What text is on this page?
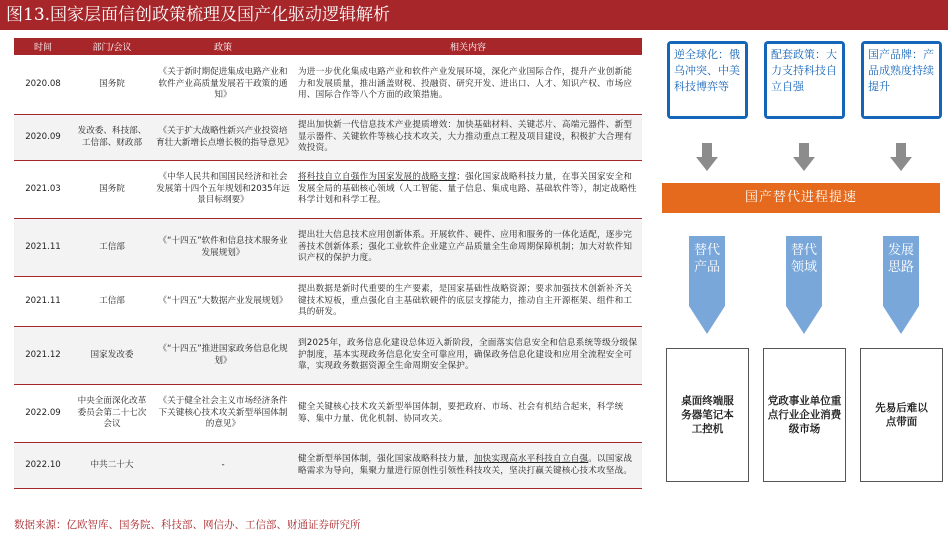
图13.国家层面信创政策梳理及国产化驱动逻辑解析
时间	部门/会议	政策	相关内容
2020.08	国务院	《关于新时期促进集成电路产业和软件产业高质量发展若干政策的通知》	为进一步优化集成电路产业和软件产业发展环境，深化产业国际合作，提升产业创新能力和发展质量，推出涵盖财税、投融资、研究开发、进出口、人才、知识产权、市场应用、国际合作等八个方面的政策措施。
2020.09	发改委、科技部、工信部、财政部	《关于扩大战略性新兴产业投资培育壮大新增长点增长极的指导意见》	提出加快新一代信息技术产业提质增效：加快基础材料、关键芯片、高端元器件、新型显示器件、关键软件等核心技术攻关，大力推动重点工程及项目建设，积极扩大合理有效投资。
2021.03	国务院	《中华人民共和国国民经济和社会发展第十四个五年规划和2035年远景目标纲要》	将科技自立自强作为国家发展的战略支撑；强化国家战略科技力量，在事关国家安全和发展全局的基础核心领域（人工智能、量子信息、集成电路、基础软件等），制定战略性科学计划和科学工程。
2021.11	工信部	《“十四五”软件和信息技术服务业发展规划》	提出壮大信息技术应用创新体系。开展软件、硬件、应用和服务的一体化适配，逐步完善技术创新体系；强化工业软件企业建立产品质量全生命周期保障机制；加大对软件知识产权的保护力度。
2021.11	工信部	《“十四五”大数据产业发展规划》	提出数据是新时代重要的生产要素，是国家基础性战略资源；要求加强技术创新补齐关键技术短板，重点强化自主基础软硬件的底层支撑能力，推动自主开源框架、组件和工具的研发。
2021.12	国家发改委	《“十四五”推进国家政务信息化规划》	到2025年，政务信息化建设总体迈入新阶段，全面落实信息安全和信息系统等级分级保护制度，基本实现政务信息化安全可靠应用，确保政务信息化建设和应用全流程安全可靠，实现政务数据资源全生命周期安全保护。
2022.09	中央全面深化改革委员会第二十七次会议	《关于健全社会主义市场经济条件下关键核心技术攻关新型举国体制的意见》	健全关键核心技术攻关新型举国体制，要把政府、市场、社会有机结合起来，科学统筹、集中力量、优化机制、协同攻关。
2022.10	中共二十大	-	健全新型举国体制，强化国家战略科技力量，加快实现高水平科技自立自强。以国家战略需求为导向，集聚力量进行原创性引领性科技攻关，坚决打赢关键核心技术攻坚战。
逆全球化：俄乌冲突、中美科技博弈等
配套政策：大力支持科技自立自强
国产品牌：产品成熟度持续提升
国产替代进程提速
替代产品
替代领域
发展思路
桌面终端服务器笔记本工控机
党政事业单位重点行业企业消费级市场
先易后难以点带面
数据来源：亿欧智库、国务院、科技部、网信办、工信部、财通证券研究所
